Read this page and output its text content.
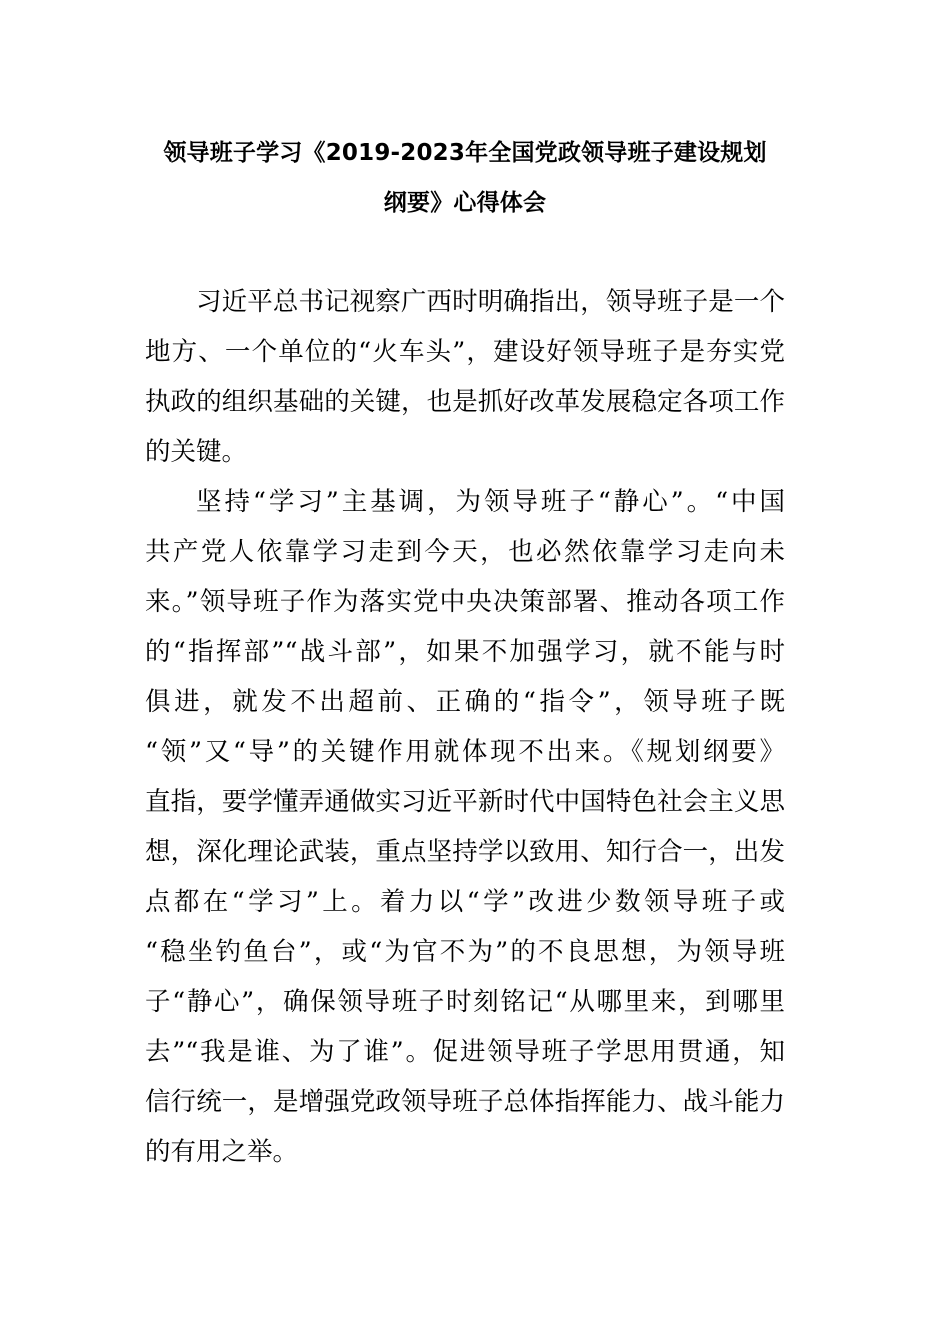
领导班子学习《2019-2023年全国党政领导班子建设规划
纲要》心得体会

习近平总书记视察广西时明确指出，领导班子是一个
地方、一个单位的“火车头”，建设好领导班子是夯实党
执政的组织基础的关键，也是抓好改革发展稳定各项工作
的关键。

坚持“学习”主基调，为领导班子“静心”。“中国
共产党人依靠学习走到今天，也必然依靠学习走向未
来。”领导班子作为落实党中央决策部署、推动各项工作
的“指挥部”“战斗部”，如果不加强学习，就不能与时
俱进，就发不出超前、正确的“指令”，领导班子既
“领”又“导”的关键作用就体现不出来。《规划纲要》
直指，要学懂弄通做实习近平新时代中国特色社会主义思
想，深化理论武装，重点坚持学以致用、知行合一，出发
点都在“学习”上。着力以“学”改进少数领导班子或
“稳坐钓鱼台”，或“为官不为”的不良思想，为领导班
子“静心”，确保领导班子时刻铭记“从哪里来，到哪里
去”“我是谁、为了谁”。促进领导班子学思用贯通，知
信行统一，是增强党政领导班子总体指挥能力、战斗能力
的有用之举。
